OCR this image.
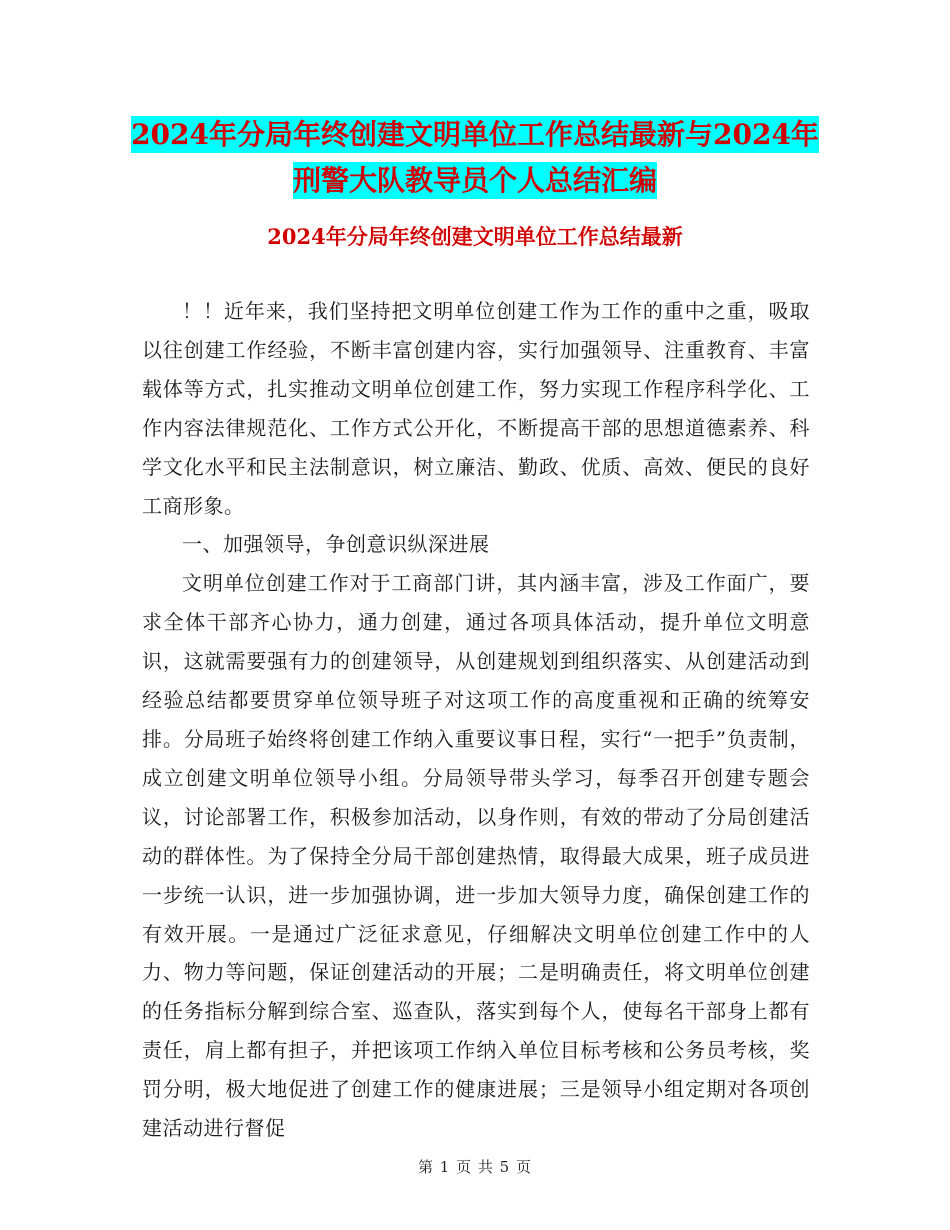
2024年分局年终创建文明单位工作总结最新与2024年
刑警大队教导员个人总结汇编
2024年分局年终创建文明单位工作总结最新

！！近年来，我们坚持把文明单位创建工作为工作的重中之重，吸取以往创建工作经验，不断丰富创建内容，实行加强领导、注重教育、丰富载体等方式，扎实推动文明单位创建工作，努力实现工作程序科学化、工作内容法律规范化、工作方式公开化，不断提高干部的思想道德素养、科学文化水平和民主法制意识，树立廉洁、勤政、优质、高效、便民的良好工商形象。

一、加强领导，争创意识纵深进展

文明单位创建工作对于工商部门讲，其内涵丰富，涉及工作面广，要求全体干部齐心协力，通力创建，通过各项具体活动，提升单位文明意识，这就需要强有力的创建领导，从创建规划到组织落实、从创建活动到经验总结都要贯穿单位领导班子对这项工作的高度重视和正确的统筹安排。分局班子始终将创建工作纳入重要议事日程，实行“一把手”负责制，成立创建文明单位领导小组。分局领导带头学习，每季召开创建专题会议，讨论部署工作，积极参加活动，以身作则，有效的带动了分局创建活动的群体性。为了保持全分局干部创建热情，取得最大成果，班子成员进一步统一认识，进一步加强协调，进一步加大领导力度，确保创建工作的有效开展。一是通过广泛征求意见，仔细解决文明单位创建工作中的人力、物力等问题，保证创建活动的开展；二是明确责任，将文明单位创建的任务指标分解到综合室、巡查队，落实到每个人，使每名干部身上都有责任，肩上都有担子，并把该项工作纳入单位目标考核和公务员考核，奖罚分明，极大地促进了创建工作的健康进展；三是领导小组定期对各项创建活动进行督促

第 1 页 共 5 页
